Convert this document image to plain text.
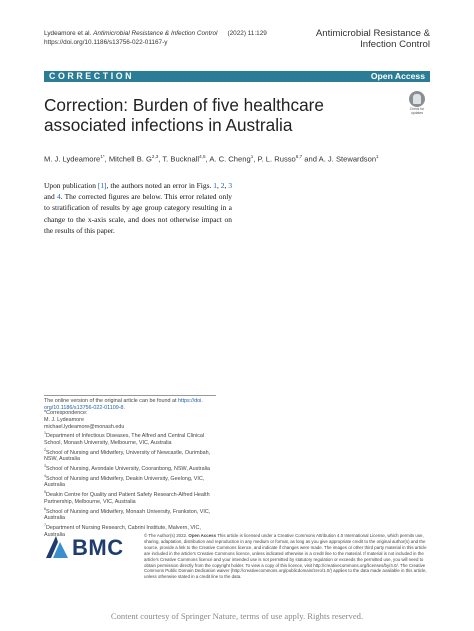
Lydeamore et al. Antimicrobial Resistance & Infection Control (2022) 11:129
https://doi.org/10.1186/s13756-022-01167-y
Antimicrobial Resistance &
Infection Control
CORRECTION	Open Access
Check for
updates
Correction: Burden of five healthcare associated infections in Australia
M. J. Lydeamore$^{1*}$, Mitchell B. G$^{2,3}$, T. Bucknall$^{4,5}$, A. C. Cheng$^1$, P. L. Russo$^{6,7}$ and A. J. Stewardson$^1$
Upon publication [1], the authors noted an error in Figs. 1, 2, 3 and 4. The corrected figures are below. This error related only to stratification of results by age group category resulting in a change to the x-axis scale, and does not otherwise impact on the results of this paper.
The online version of the original article can be found at https://doi. org/10.1186/s13756-022-01109-8.

*Correspondence:

M. J. Lydeamore

michael.lydeamore@monash.edu

$^1$Department of Infectious Diseases, The Alfred and Central Clinical School, Monash University, Melbourne, VIC, Australia

$^2$School of Nursing and Midwifery, University of Newcastle, Ourimbah, NSW, Australia

$^3$School of Nursing, Avondale University, Cooranbong, NSW, Australia

$^4$School of Nursing and Midwifery, Deakin University, Geelong, VIC, Australia

$^5$Deakin Centre for Quality and Patient Safety Research-Alfred Health Partnership, Melbourne, VIC, Australia

$^6$School of Nursing and Midwifery, Monash University, Frankston, VIC, Australia

$^7$Department of Nursing Research, Cabrini Institute, Malvern, VIC, Australia

BMC	© The Author(s) 2022. Open Access This article is licensed under a Creative Commons Attribution 4.0 International License, which permits use, sharing, adaptation, distribution and reproduction in any medium or format, as long as you give appropriate credit to the original author(s) and the source, provide a link to the Creative Commons licence, and indicate if changes were made. The images or other third party material in this article are included in the article's Creative Commons licence, unless indicated otherwise in a credit line to the material. If material is not included in the article's Creative Commons licence and your intended use is not permitted by statutory regulation or exceeds the permitted use, you will need to obtain permission directly from the copyright holder. To view a copy of this licence, visit http://creativecommons.org/licenses/by/4.0/. The Creative Commons Public Domain Dedication waiver (http://creativecommons.org/publicdomain/zero/1.0/) applies to the data made available in this article, unless otherwise stated in a credit line to the data.
Content courtesy of Springer Nature, terms of use apply. Rights reserved.
